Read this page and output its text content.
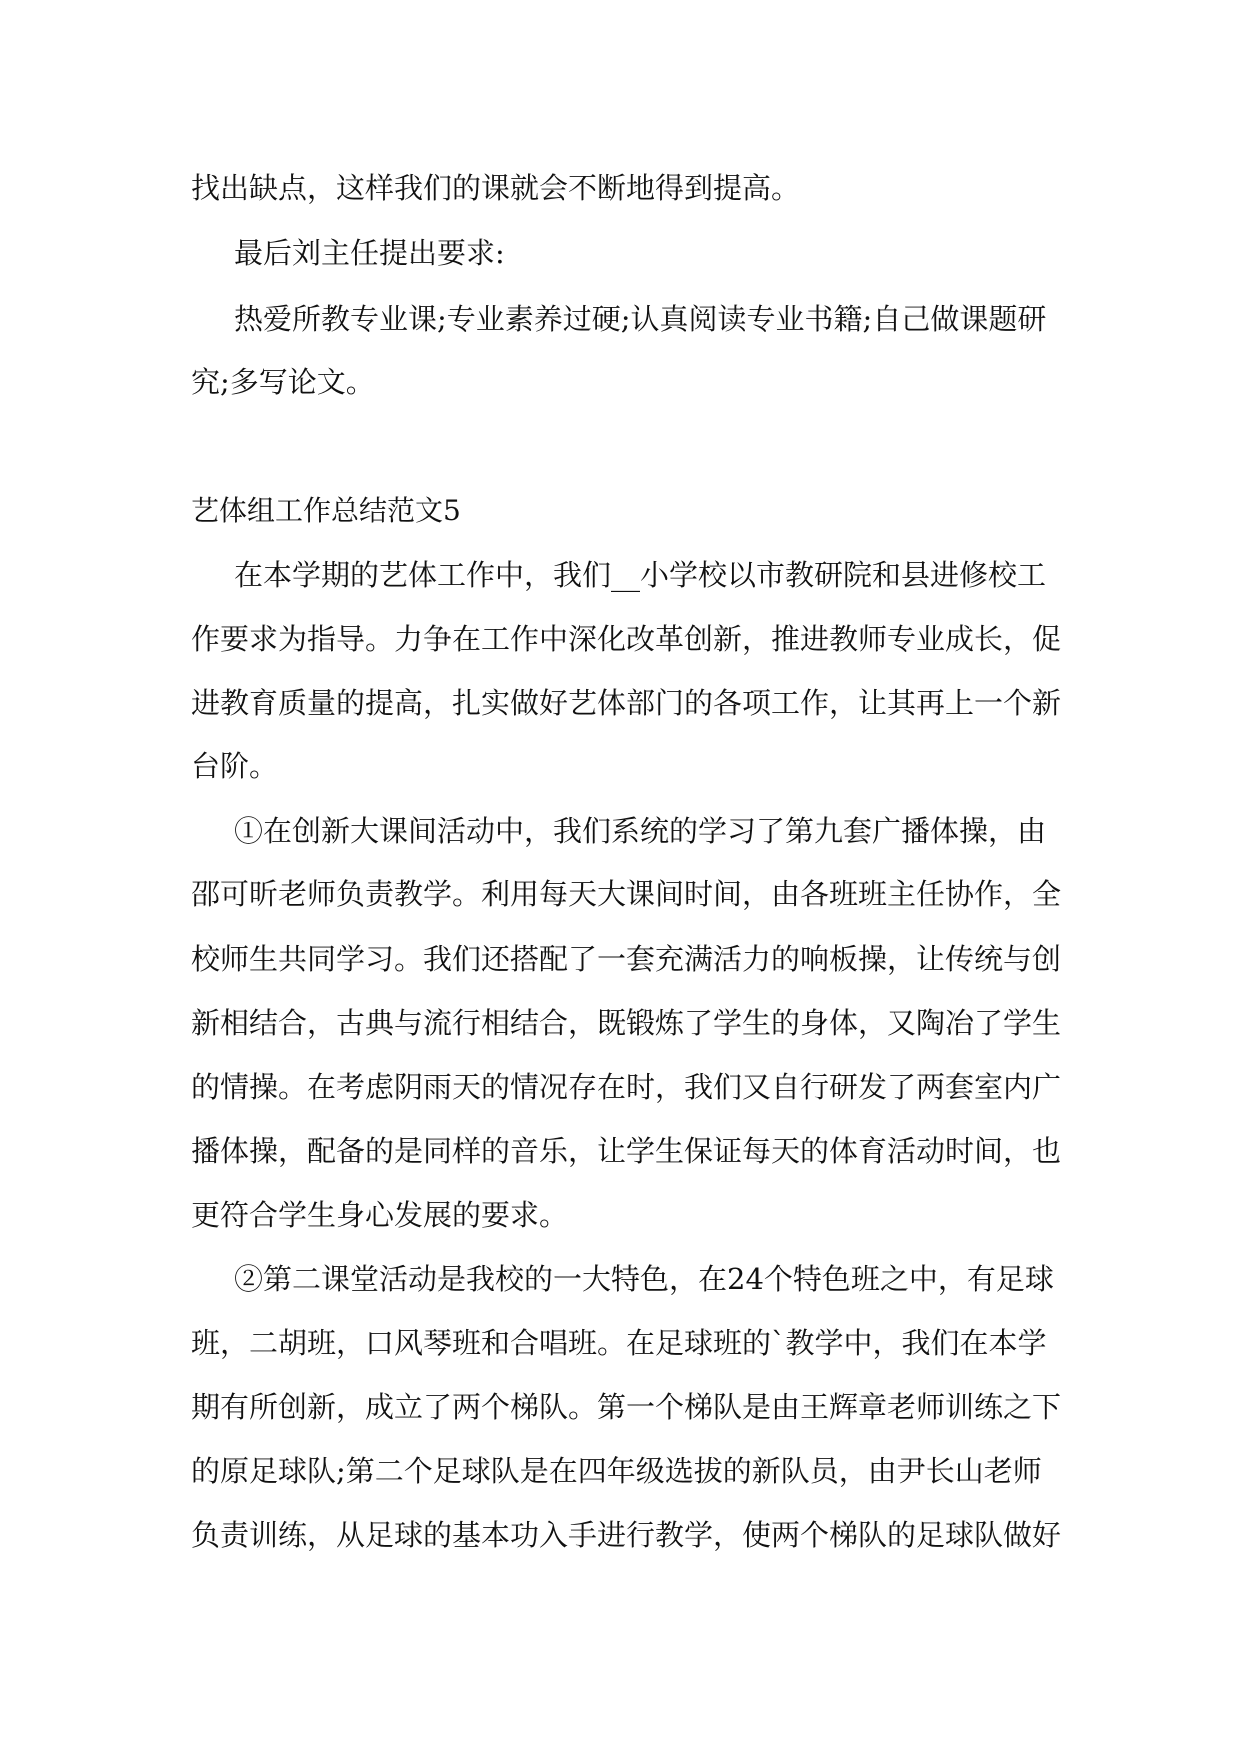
找出缺点，这样我们的课就会不断地得到提高。
最后刘主任提出要求:
热爱所教专业课;专业素养过硬;认真阅读专业书籍;自己做课题研
究;多写论文。
艺体组工作总结范文5
在本学期的艺体工作中，我们__小学校以市教研院和县进修校工
作要求为指导。力争在工作中深化改革创新，推进教师专业成长，促
进教育质量的提高，扎实做好艺体部门的各项工作，让其再上一个新
台阶。
①在创新大课间活动中，我们系统的学习了第九套广播体操，由
邵可昕老师负责教学。利用每天大课间时间，由各班班主任协作，全
校师生共同学习。我们还搭配了一套充满活力的响板操，让传统与创
新相结合，古典与流行相结合，既锻炼了学生的身体，又陶冶了学生
的情操。在考虑阴雨天的情况存在时，我们又自行研发了两套室内广
播体操，配备的是同样的音乐，让学生保证每天的体育活动时间，也
更符合学生身心发展的要求。
②第二课堂活动是我校的一大特色，在24个特色班之中，有足球
班，二胡班，口风琴班和合唱班。在足球班的`教学中，我们在本学
期有所创新，成立了两个梯队。第一个梯队是由王辉章老师训练之下
的原足球队;第二个足球队是在四年级选拔的新队员，由尹长山老师
负责训练，从足球的基本功入手进行教学，使两个梯队的足球队做好
